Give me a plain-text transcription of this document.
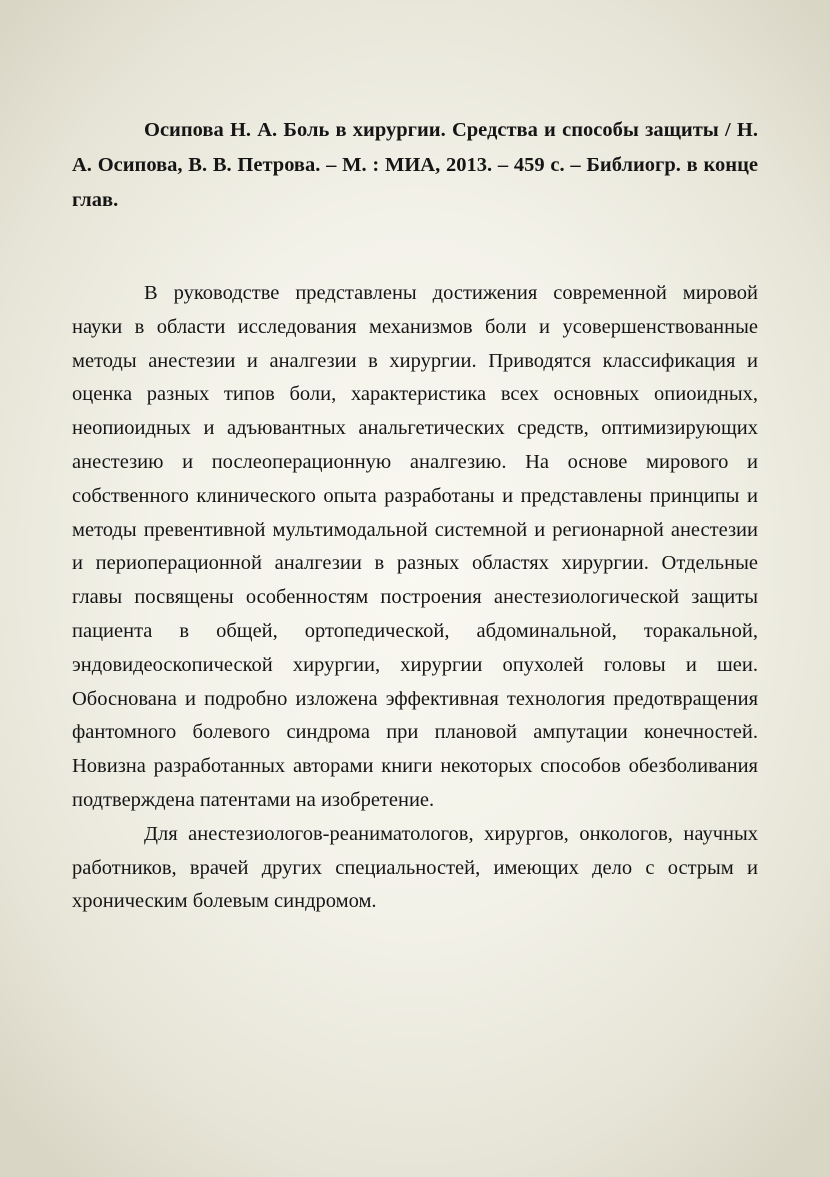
Осипова Н. А. Боль в хирургии. Средства и способы защиты / Н. А. Осипова, В. В. Петрова. – М. : МИА, 2013. – 459 с. – Библиогр. в конце глав.

В руководстве представлены достижения современной мировой науки в области исследования механизмов боли и усовершенствованные методы анестезии и аналгезии в хирургии. Приводятся классификация и оценка разных типов боли, характеристика всех основных опиоидных, неопиоидных и адъювантных анальгетических средств, оптимизирующих анестезию и послеоперационную аналгезию. На основе мирового и собственного клинического опыта разработаны и представлены принципы и методы превентивной мультимодальной системной и регионарной анестезии и периоперационной аналгезии в разных областях хирургии. Отдельные главы посвящены особенностям построения анестезиологической защиты пациента в общей, ортопедической, абдоминальной, торакальной, эндовидеоскопической хирургии, хирургии опухолей головы и шеи. Обоснована и подробно изложена эффективная технология предотвращения фантомного болевого синдрома при плановой ампутации конечностей. Новизна разработанных авторами книги некоторых способов обезболивания подтверждена патентами на изобретение.

Для анестезиологов-реаниматологов, хирургов, онкологов, научных работников, врачей других специальностей, имеющих дело с острым и хроническим болевым синдромом.
